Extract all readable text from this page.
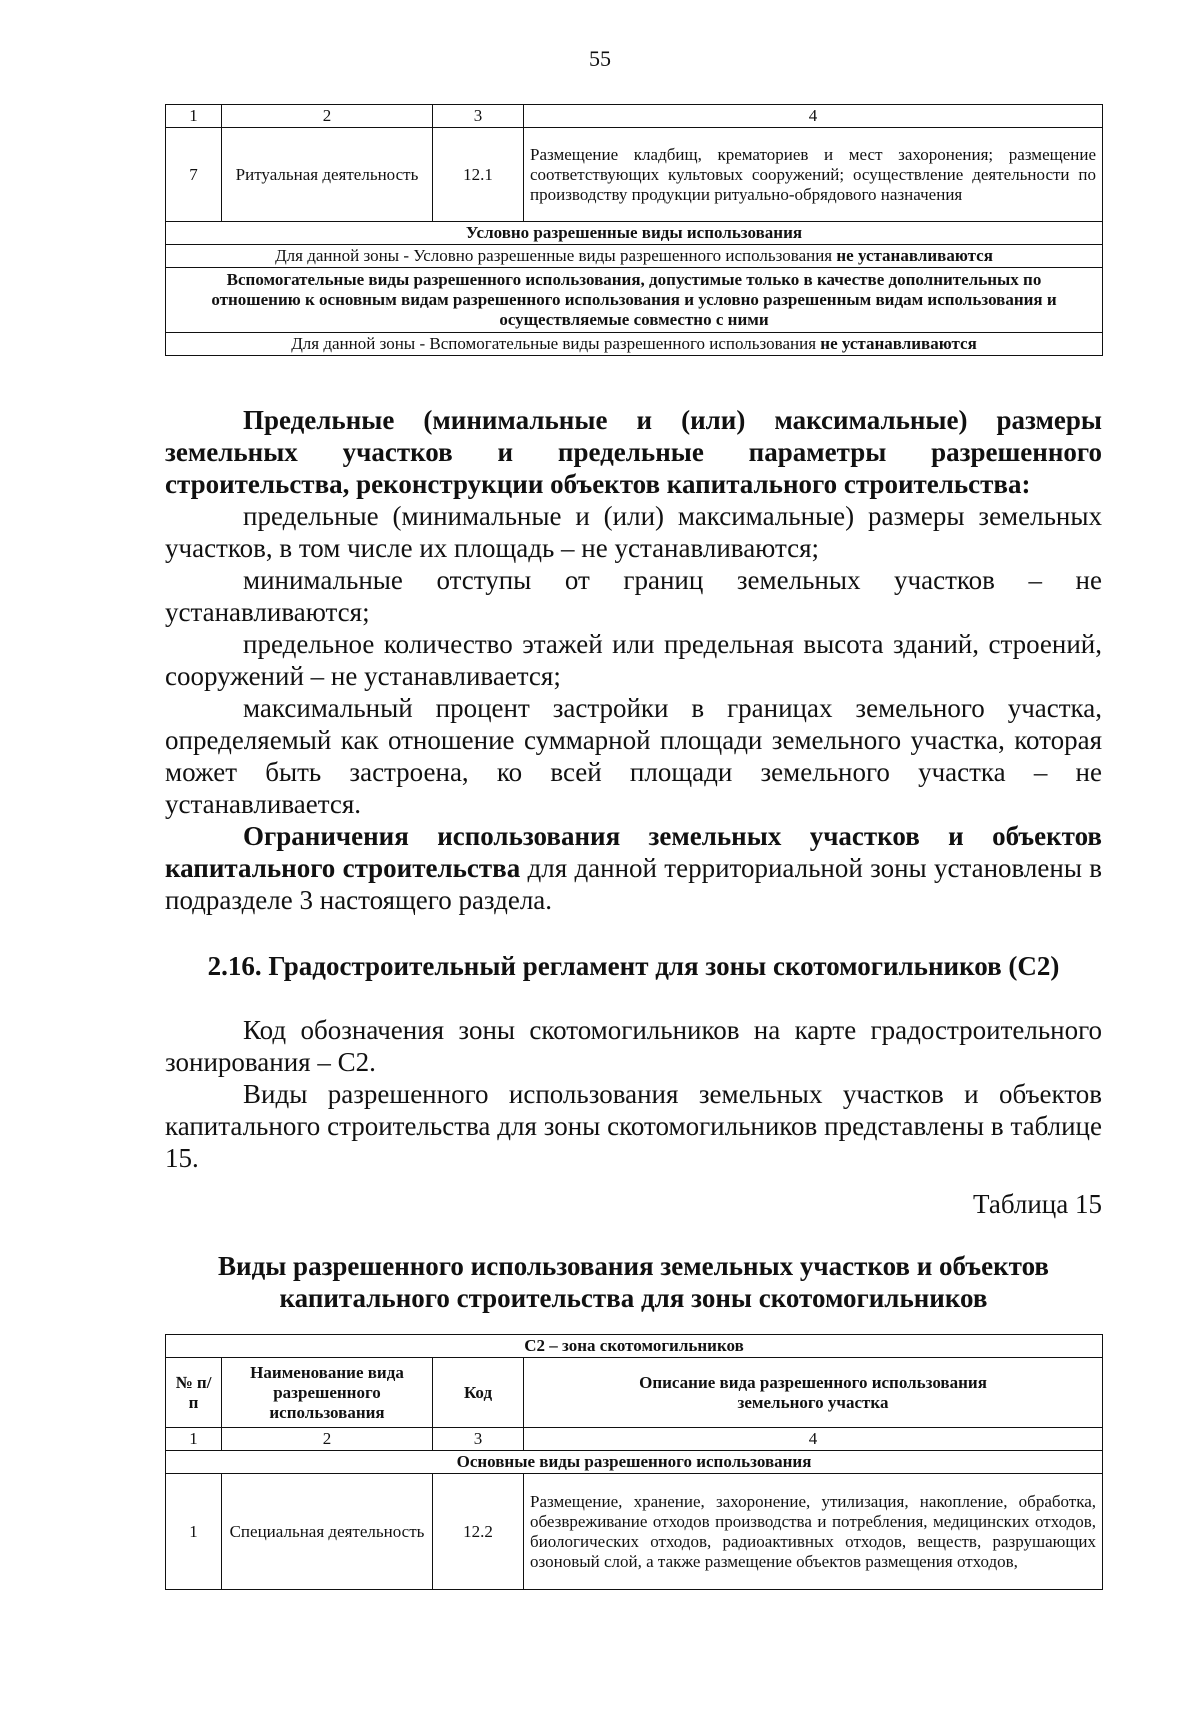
55
1	2	3	4
7	Ритуальная деятельность	12.1	Размещение кладбищ, крематориев и мест захоронения; размещение соответствующих культовых сооружений; осуществление деятельности по производству продукции ритуально-обрядового назначения
Условно разрешенные виды использования			
Для данной зоны - Условно разрешенные виды разрешенного использования не устанавливаются			
Вспомогательные виды разрешенного использования, допустимые только в качестве дополнительных по отношению к основным видам разрешенного использования и условно разрешенным видам использования и осуществляемые совместно с ними			
Для данной зоны - Вспомогательные виды разрешенного использования не устанавливаются			

Предельные (минимальные и (или) максимальные) размеры земельных участков и предельные параметры разрешенного строительства, реконструкции объектов капитального строительства:

предельные (минимальные и (или) максимальные) размеры земельных участков, в том числе их площадь – не устанавливаются;

минимальные отступы от границ земельных участков – не устанавливаются;

предельное количество этажей или предельная высота зданий, строений, сооружений – не устанавливается;

максимальный процент застройки в границах земельного участка, определяемый как отношение суммарной площади земельного участка, которая может быть застроена, ко всей площади земельного участка – не устанавливается.

Ограничения использования земельных участков и объектов капитального строительства для данной территориальной зоны установлены в подразделе 3 настоящего раздела.

2.16. Градостроительный регламент для зоны скотомогильников (С2)

Код обозначения зоны скотомогильников на карте градостроительного зонирования – С2.

Виды разрешенного использования земельных участков и объектов капитального строительства для зоны скотомогильников представлены в таблице 15.

Таблица 15

Виды разрешенного использования земельных участков и объектов капитального строительства для зоны скотомогильников

С2 – зона скотомогильников			
№ п/п	Наименование вида разрешенного использования	Код	Описание вида разрешенного использования земельного участка
1	2	3	4
Основные виды разрешенного использования			
1	Специальная деятельность	12.2	Размещение, хранение, захоронение, утилизация, накопление, обработка, обезвреживание отходов производства и потребления, медицинских отходов, биологических отходов, радиоактивных отходов, веществ, разрушающих озоновый слой, а также размещение объектов размещения отходов,
